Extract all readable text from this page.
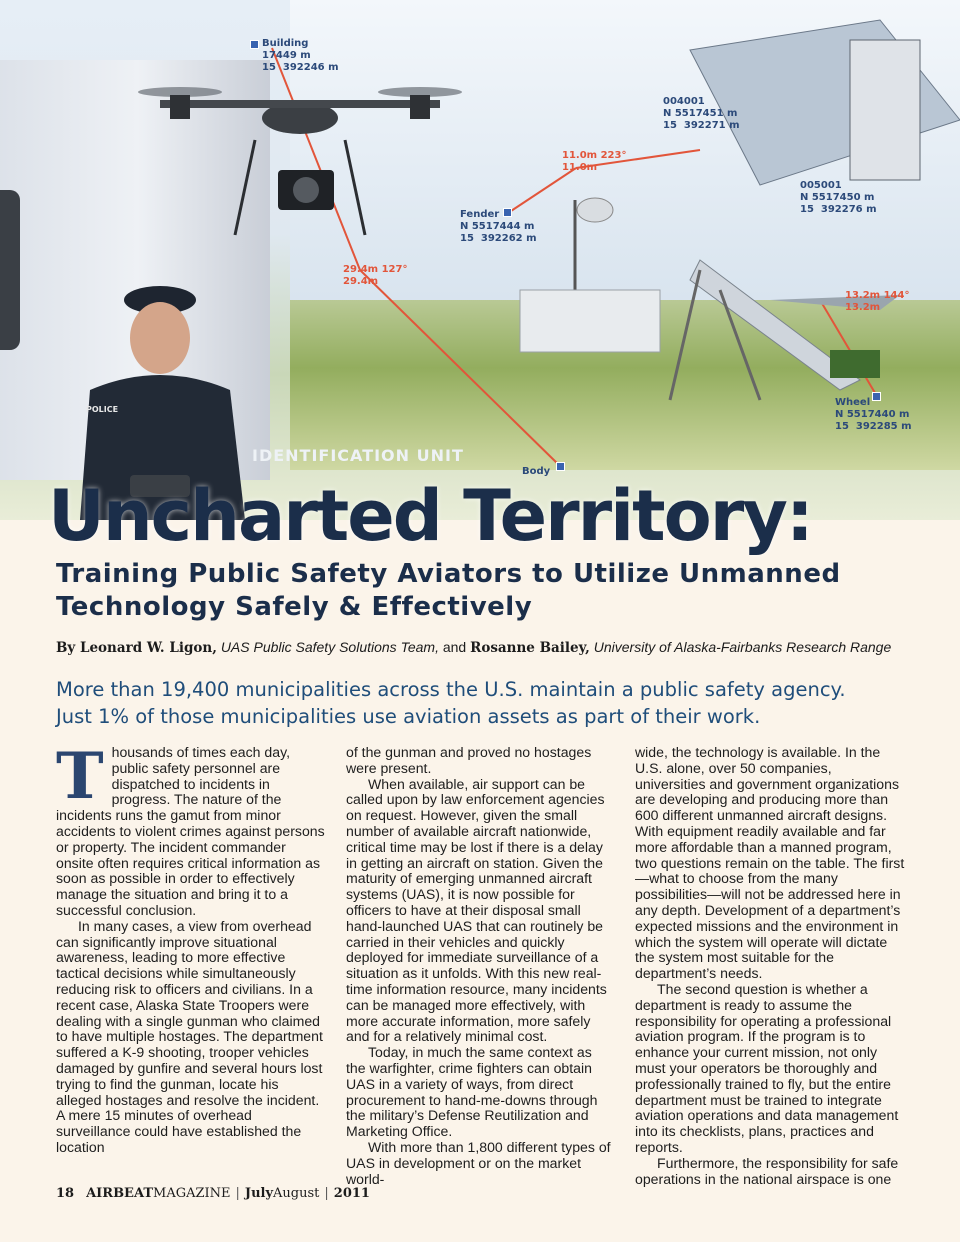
Building
17449 m
15  392246 m
004001
N 5517451 m
15  392271 m
11.0m 223°
11.0m
Fender
N 5517444 m
15  392262 m
005001
N 5517450 m
15  392276 m
29.4m 127°
29.4m
13.2m 144°
13.2m
Wheel
N 5517440 m
15  392285 m
Body
IDENTIFICATION UNIT
POLICE
Uncharted Territory:
Training Public Safety Aviators to Utilize Unmanned
Technology Safely & Effectively
By Leonard W. Ligon, UAS Public Safety Solutions Team, and Rosanne Bailey, University of Alaska-Fairbanks Research Range
More than 19,400 municipalities across the U.S. maintain a public safety agency.
Just 1% of those municipalities use aviation assets as part of their work.
T housands of times each day, public safety personnel are dispatched to incidents in progress. The nature of the incidents runs the gamut from minor accidents to violent crimes against persons or property. The incident commander onsite often requires critical information as soon as possible in order to effectively manage the situation and bring it to a successful conclusion.

In many cases, a view from overhead can significantly improve situational awareness, leading to more effective tactical decisions while simultaneously reducing risk to officers and civilians. In a recent case, Alaska State Troopers were dealing with a single gunman who claimed to have multiple hostages. The department suffered a K-9 shooting, trooper vehicles damaged by gunfire and several hours lost trying to find the gunman, locate his alleged hostages and resolve the incident. A mere 15 minutes of overhead surveillance could have established the location

of the gunman and proved no hostages were present.

When available, air support can be called upon by law enforcement agencies on request. However, given the small number of available aircraft nationwide, critical time may be lost if there is a delay in getting an aircraft on station. Given the maturity of emerging unmanned aircraft systems (UAS), it is now possible for officers to have at their disposal small hand-launched UAS that can routinely be carried in their vehicles and quickly deployed for immediate surveillance of a situation as it unfolds. With this new real-time information resource, many incidents can be managed more effectively, with more accurate information, more safely and for a relatively minimal cost.

Today, in much the same context as the warfighter, crime fighters can obtain UAS in a variety of ways, from direct procurement to hand-me-downs through the military’s Defense Reutilization and Marketing Office.

With more than 1,800 different types of UAS in development or on the market world-

wide, the technology is available. In the U.S. alone, over 50 companies, universities and government organizations are developing and producing more than 600 different unmanned aircraft designs. With equipment readily available and far more affordable than a manned program, two questions remain on the table. The first—what to choose from the many possibilities—will not be addressed here in any depth. Development of a department’s expected missions and the environment in which the system will operate will dictate the system most suitable for the department’s needs.

The second question is whether a department is ready to assume the responsibility for operating a professional aviation program. If the program is to enhance your current mission, not only must your operators be thoroughly and professionally trained to fly, but the entire department must be trained to integrate aviation operations and data management into its checklists, plans, practices and reports.

Furthermore, the responsibility for safe operations in the national airspace is one

18 AIRBEATMAGAZINE | JulyAugust | 2011
